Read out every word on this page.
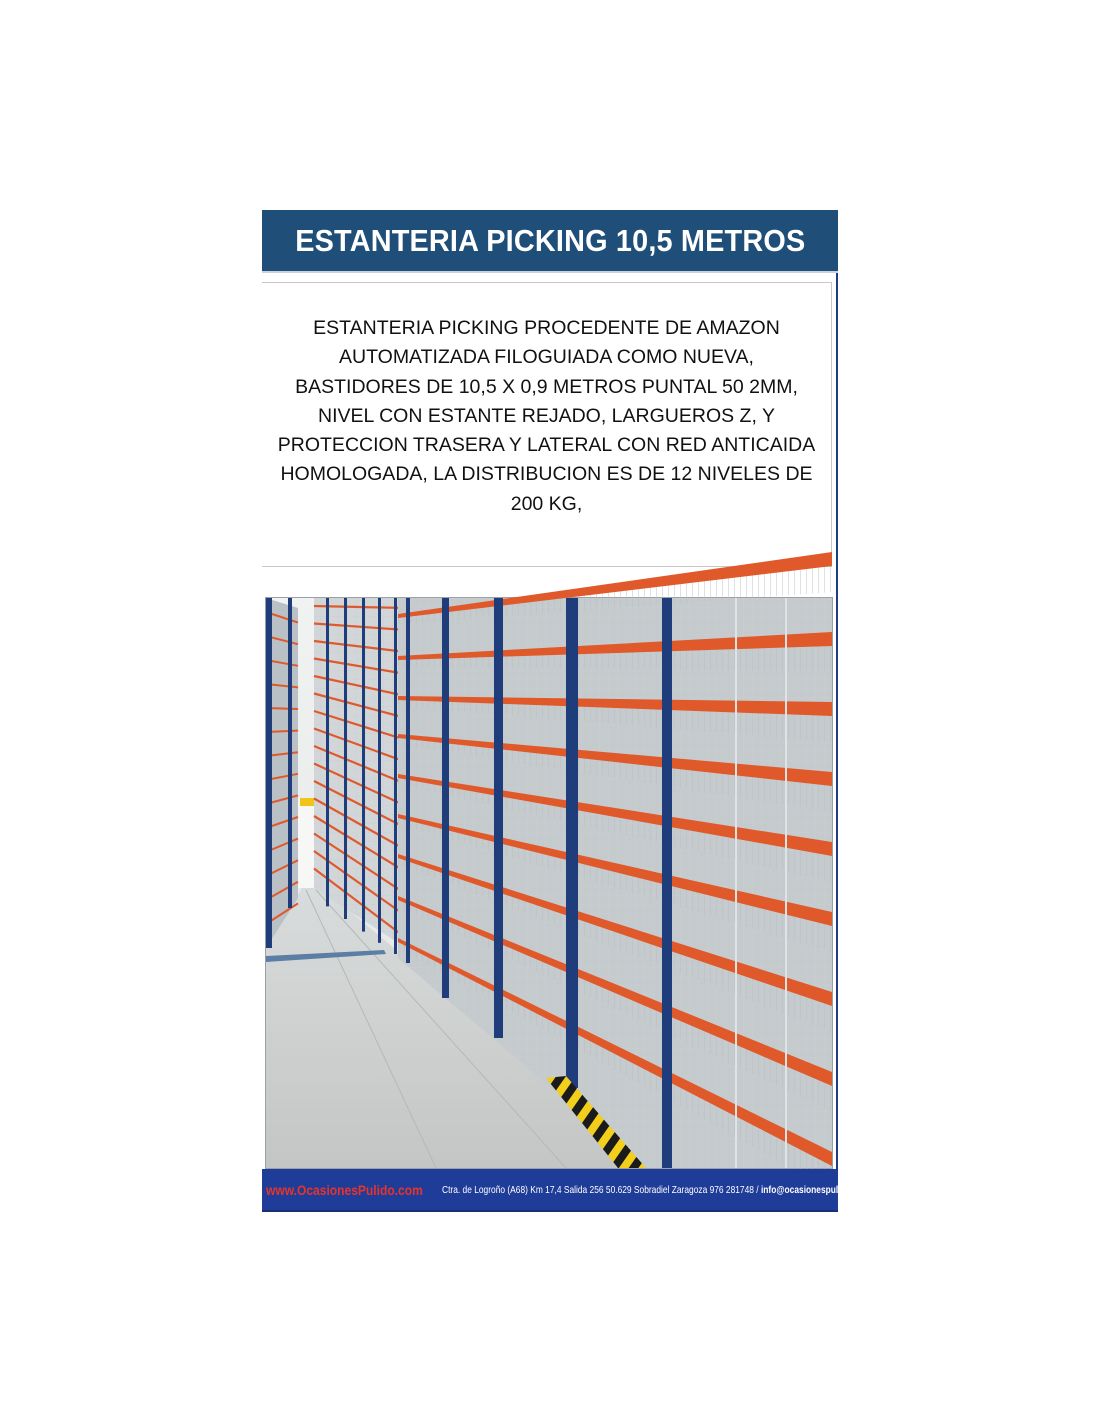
ESTANTERIA PICKING 10,5 METROS
ESTANTERIA PICKING PROCEDENTE DE AMAZON
AUTOMATIZADA FILOGUIADA COMO NUEVA,
BASTIDORES DE 10,5 X 0,9 METROS PUNTAL 50 2MM,
NIVEL CON ESTANTE REJADO, LARGUEROS Z, Y
PROTECCION TRASERA Y LATERAL CON RED ANTICAIDA
HOMOLOGADA, LA DISTRIBUCION ES DE 12 NIVELES DE
200 KG,
www.OcasionesPulido.com Ctra. de Logroño (A68) Km 17,4 Salida 256 50.629 Sobradiel Zaragoza 976 281748 / info@ocasionespulido.com
